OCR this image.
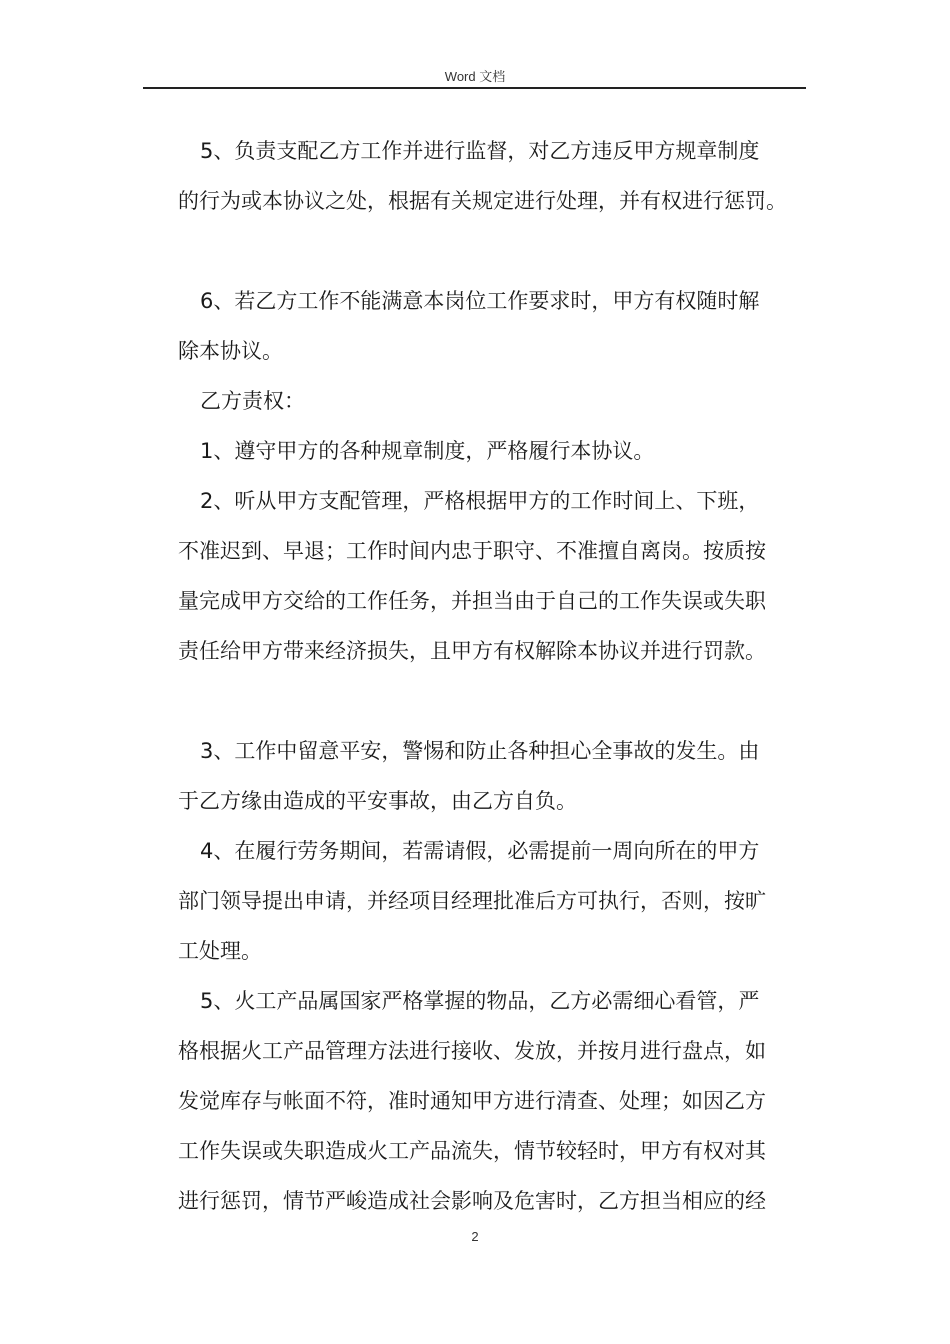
Word 文档
5、负责支配乙方工作并进行监督，对乙方违反甲方规章制度
的行为或本协议之处，根据有关规定进行处理，并有权进行惩罚。
6、若乙方工作不能满意本岗位工作要求时，甲方有权随时解
除本协议。
乙方责权：
1、遵守甲方的各种规章制度，严格履行本协议。
2、听从甲方支配管理，严格根据甲方的工作时间上、下班，
不准迟到、早退；工作时间内忠于职守、不准擅自离岗。按质按
量完成甲方交给的工作任务，并担当由于自己的工作失误或失职
责任给甲方带来经济损失，且甲方有权解除本协议并进行罚款。
3、工作中留意平安，警惕和防止各种担心全事故的发生。由
于乙方缘由造成的平安事故，由乙方自负。
4、在履行劳务期间，若需请假，必需提前一周向所在的甲方
部门领导提出申请，并经项目经理批准后方可执行，否则，按旷
工处理。
5、火工产品属国家严格掌握的物品，乙方必需细心看管，严
格根据火工产品管理方法进行接收、发放，并按月进行盘点，如
发觉库存与帐面不符，准时通知甲方进行清查、处理；如因乙方
工作失误或失职造成火工产品流失，情节较轻时，甲方有权对其
进行惩罚，情节严峻造成社会影响及危害时，乙方担当相应的经
2
